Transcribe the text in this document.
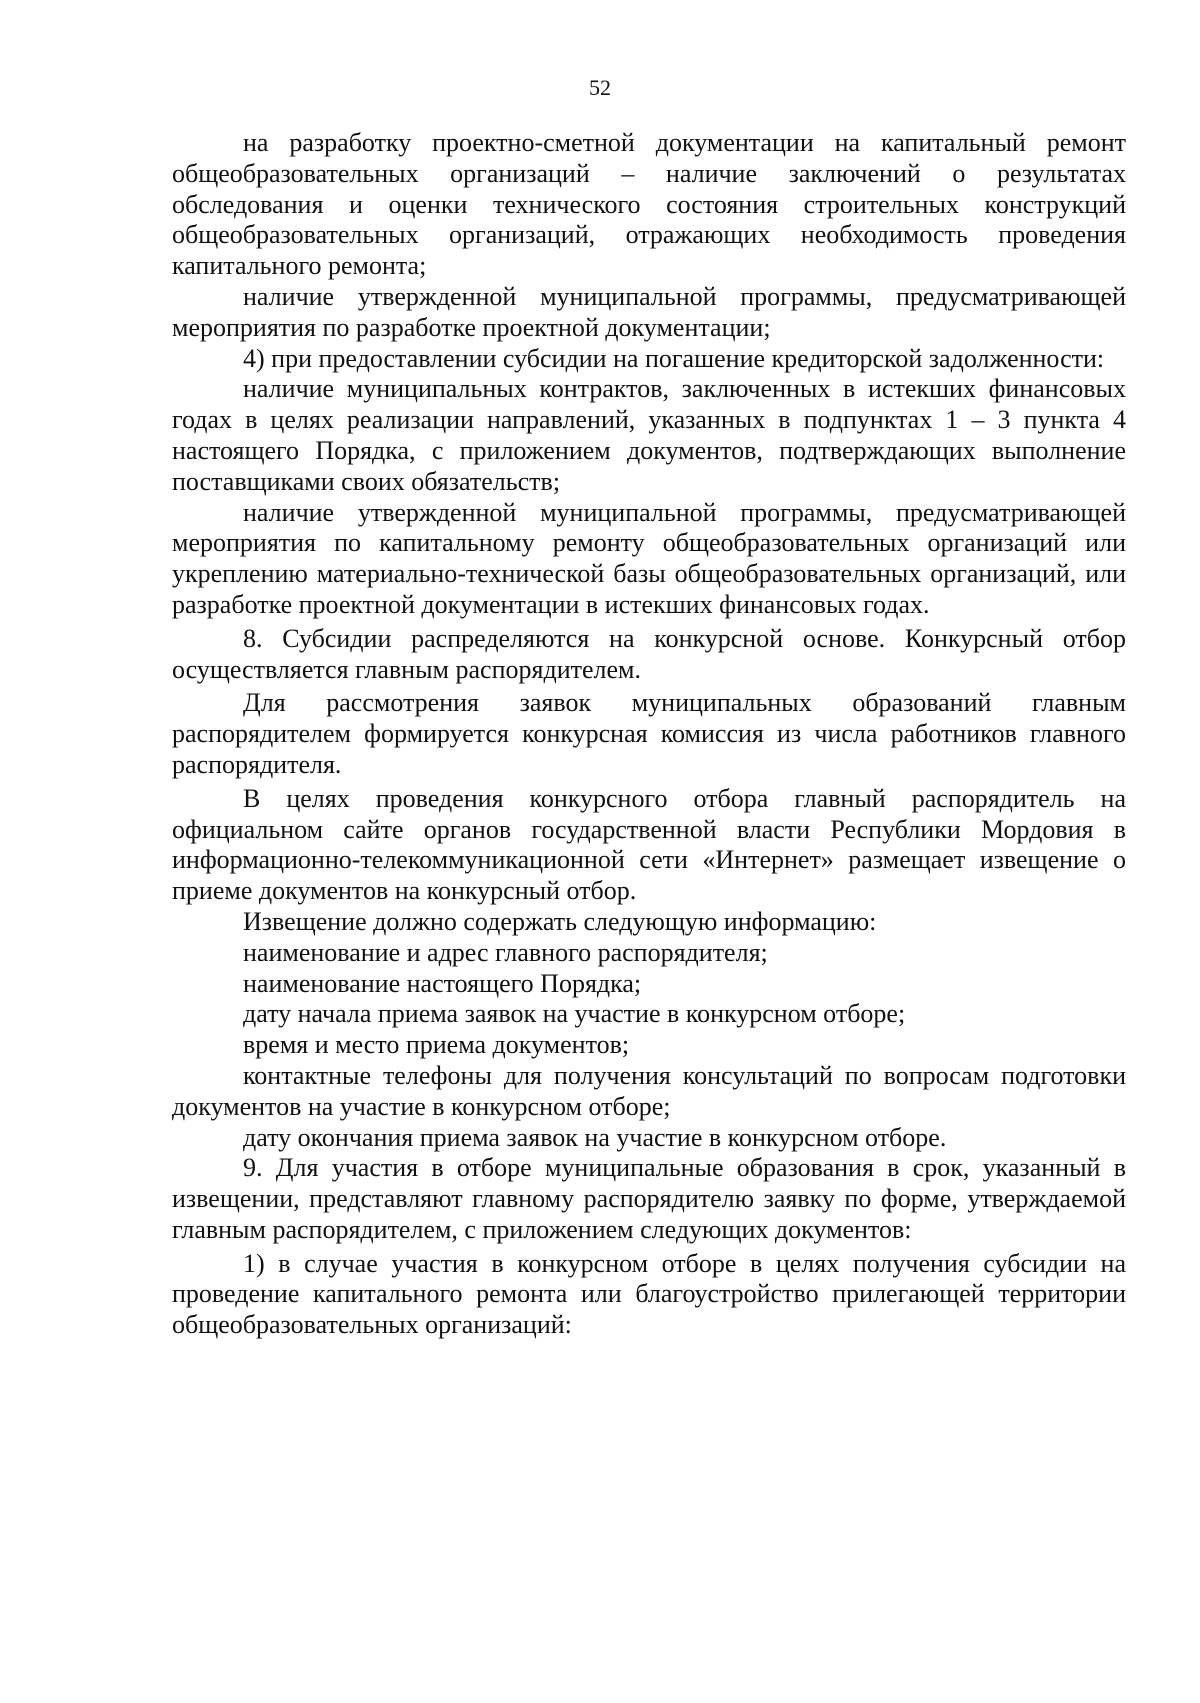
52

на разработку проектно-сметной документации на капитальный ремонт общеобразовательных организаций – наличие заключений о результатах обследования и оценки технического состояния строительных конструкций общеобразовательных организаций, отражающих необходимость проведения капитального ремонта;

наличие утвержденной муниципальной программы, предусматривающей мероприятия по разработке проектной документации;

4) при предоставлении субсидии на погашение кредиторской задолженности:

наличие муниципальных контрактов, заключенных в истекших финансовых годах в целях реализации направлений, указанных в подпунктах 1 – 3 пункта 4 настоящего Порядка, с приложением документов, подтверждающих выполнение поставщиками своих обязательств;

наличие утвержденной муниципальной программы, предусматривающей мероприятия по капитальному ремонту общеобразовательных организаций или укреплению материально-технической базы общеобразовательных организаций, или разработке проектной документации в истекших финансовых годах.

8. Субсидии распределяются на конкурсной основе. Конкурсный отбор осуществляется главным распорядителем.

Для рассмотрения заявок муниципальных образований главным распорядителем формируется конкурсная комиссия из числа работников главного распорядителя.

В целях проведения конкурсного отбора главный распорядитель на официальном сайте органов государственной власти Республики Мордовия в информационно-телекоммуникационной сети «Интернет» размещает извещение о приеме документов на конкурсный отбор.

Извещение должно содержать следующую информацию:

наименование и адрес главного распорядителя;

наименование настоящего Порядка;

дату начала приема заявок на участие в конкурсном отборе;

время и место приема документов;

контактные телефоны для получения консультаций по вопросам подготовки документов на участие в конкурсном отборе;

дату окончания приема заявок на участие в конкурсном отборе.

9. Для участия в отборе муниципальные образования в срок, указанный в извещении, представляют главному распорядителю заявку по форме, утверждаемой главным распорядителем, с приложением следующих документов:

1) в случае участия в конкурсном отборе в целях получения субсидии на проведение капитального ремонта или благоустройство прилегающей территории общеобразовательных организаций:
